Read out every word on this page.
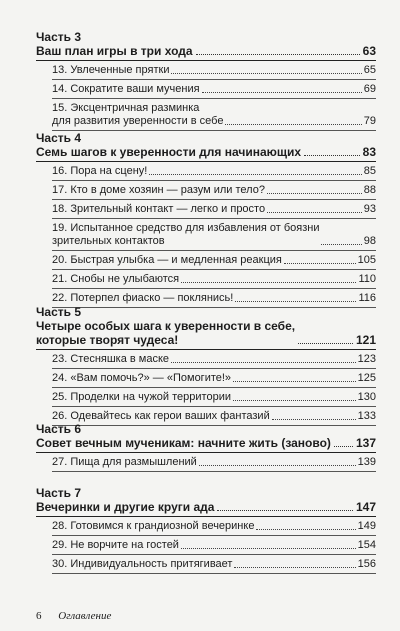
Часть 3
Ваш план игры в три хода	63
13. Увлеченные прятки	65
14. Сократите ваши мучения	69
15. Эксцентричная разминка
для развития уверенности в себе	79
Часть 4
Семь шагов к уверенности для начинающих	83
16. Пора на сцену!	85
17. Кто в доме хозяин — разум или тело?	88
18. Зрительный контакт — легко и просто	93
19. Испытанное средство для избавления от боязни
зрительных контактов	98
20. Быстрая улыбка — и медленная реакция	105
21. Снобы не улыбаются	110
22. Потерпел фиаско — поклянись!	116
Часть 5
Четыре особых шага к уверенности в себе,
которые творят чудеса!	121
23. Стесняшка в маске	123
24. «Вам помочь?» — «Помогите!»	125
25. Проделки на чужой территории	130
26. Одевайтесь как герои ваших фантазий	133
Часть 6
Совет вечным мученикам: начните жить (заново) 137
27. Пища для размышлений	139
Часть 7
Вечеринки и другие круги ада	147
28. Готовимся к грандиозной вечеринке	149
29. Не ворчите на гостей	154
30. Индивидуальность притягивает	156
6 Оглавление
